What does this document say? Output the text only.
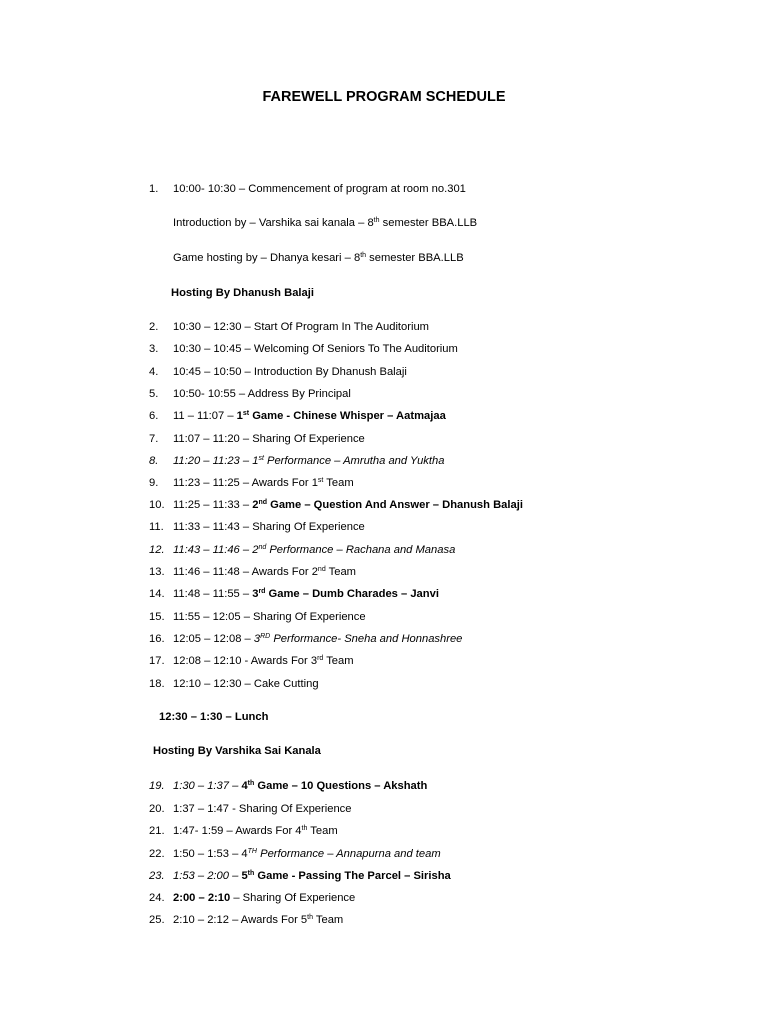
FAREWELL PROGRAM SCHEDULE
1.	10:00- 10:30 – Commencement of program at room no.301
Introduction by – Varshika sai kanala – 8th semester BBA.LLB
Game hosting by – Dhanya kesari – 8th semester BBA.LLB
Hosting By Dhanush Balaji
2.	10:30 – 12:30 – Start Of Program In The Auditorium
3.	10:30 – 10:45 – Welcoming Of Seniors To The Auditorium
4.	10:45 – 10:50 – Introduction By Dhanush Balaji
5.	10:50- 10:55 – Address By Principal
6.	11 – 11:07 – 1st Game - Chinese Whisper – Aatmajaa
7.	11:07 – 11:20 – Sharing Of Experience
8.	11:20 – 11:23 – 1st Performance – Amrutha and Yuktha
9.	11:23 – 11:25 – Awards For 1st Team
10. 11:25 – 11:33 – 2nd Game – Question And Answer – Dhanush Balaji
11. 11:33 – 11:43 – Sharing Of Experience
12. 11:43 – 11:46 – 2nd Performance – Rachana and Manasa
13. 11:46 – 11:48 – Awards For 2nd Team
14. 11:48 – 11:55 – 3rd Game – Dumb Charades – Janvi
15. 11:55 – 12:05 – Sharing Of Experience
16. 12:05 – 12:08 – 3RD Performance- Sneha and Honnashree
17. 12:08 – 12:10 - Awards For 3rd Team
18. 12:10 – 12:30 – Cake Cutting
12:30 – 1:30 – Lunch
Hosting By Varshika Sai Kanala
19. 1:30 – 1:37 – 4th Game – 10 Questions – Akshath
20. 1:37 – 1:47 - Sharing Of Experience
21. 1:47- 1:59 – Awards For 4th Team
22. 1:50 – 1:53 – 4TH Performance – Annapurna and team
23. 1:53 – 2:00 – 5th Game - Passing The Parcel – Sirisha
24. 2:00 – 2:10 – Sharing Of Experience
25. 2:10 – 2:12 – Awards For 5th Team
